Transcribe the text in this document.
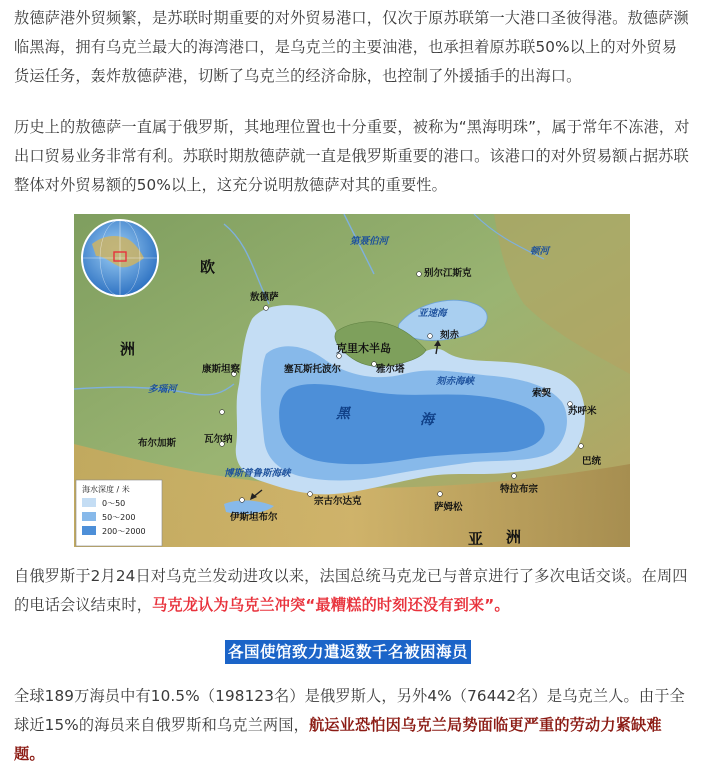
敖德萨港外贸频繁，是苏联时期重要的对外贸易港口，仅次于原苏联第一大港口圣彼得港。敖德萨濒临黑海，拥有乌克兰最大的海湾港口，是乌克兰的主要油港，也承担着原苏联50%以上的对外贸易货运任务，轰炸敖德萨港，切断了乌克兰的经济命脉，也控制了外援插手的出海口。

历史上的敖德萨一直属于俄罗斯，其地理位置也十分重要，被称为“黑海明珠”，属于常年不冻港，对出口贸易业务非常有利。苏联时期敖德萨就一直是俄罗斯重要的港口。该港口的对外贸易额占据苏联整体对外贸易额的50%以上，这充分说明敖德萨对其的重要性。

欧
洲
亚 洲
敖德萨
康斯坦察
多瑙河
瓦尔纳
布尔加斯
博斯普鲁斯海峡
伊斯坦布尔
宗古尔达克
萨姆松
特拉布宗
巴统
苏呼米
索契
刻赤海峡
刻赤
别尔江斯克
亚速海
克里木半岛
塞瓦斯托波尔	雅尔塔
第聂伯河
顿河
黑	海
海水深度 / 米
0～50
50～200
200～2000

自俄罗斯于2月24日对乌克兰发动进攻以来，法国总统马克龙已与普京进行了多次电话交谈。在周四的电话会议结束时，马克龙认为乌克兰冲突“最糟糕的时刻还没有到来”。

各国使馆致力遣返数千名被困海员

全球189万海员中有10.5%（198123名）是俄罗斯人，另外4%（76442名）是乌克兰人。由于全球近15%的海员来自俄罗斯和乌克兰两国，航运业恐怕因乌克兰局势面临更严重的劳动力紧缺难题。
